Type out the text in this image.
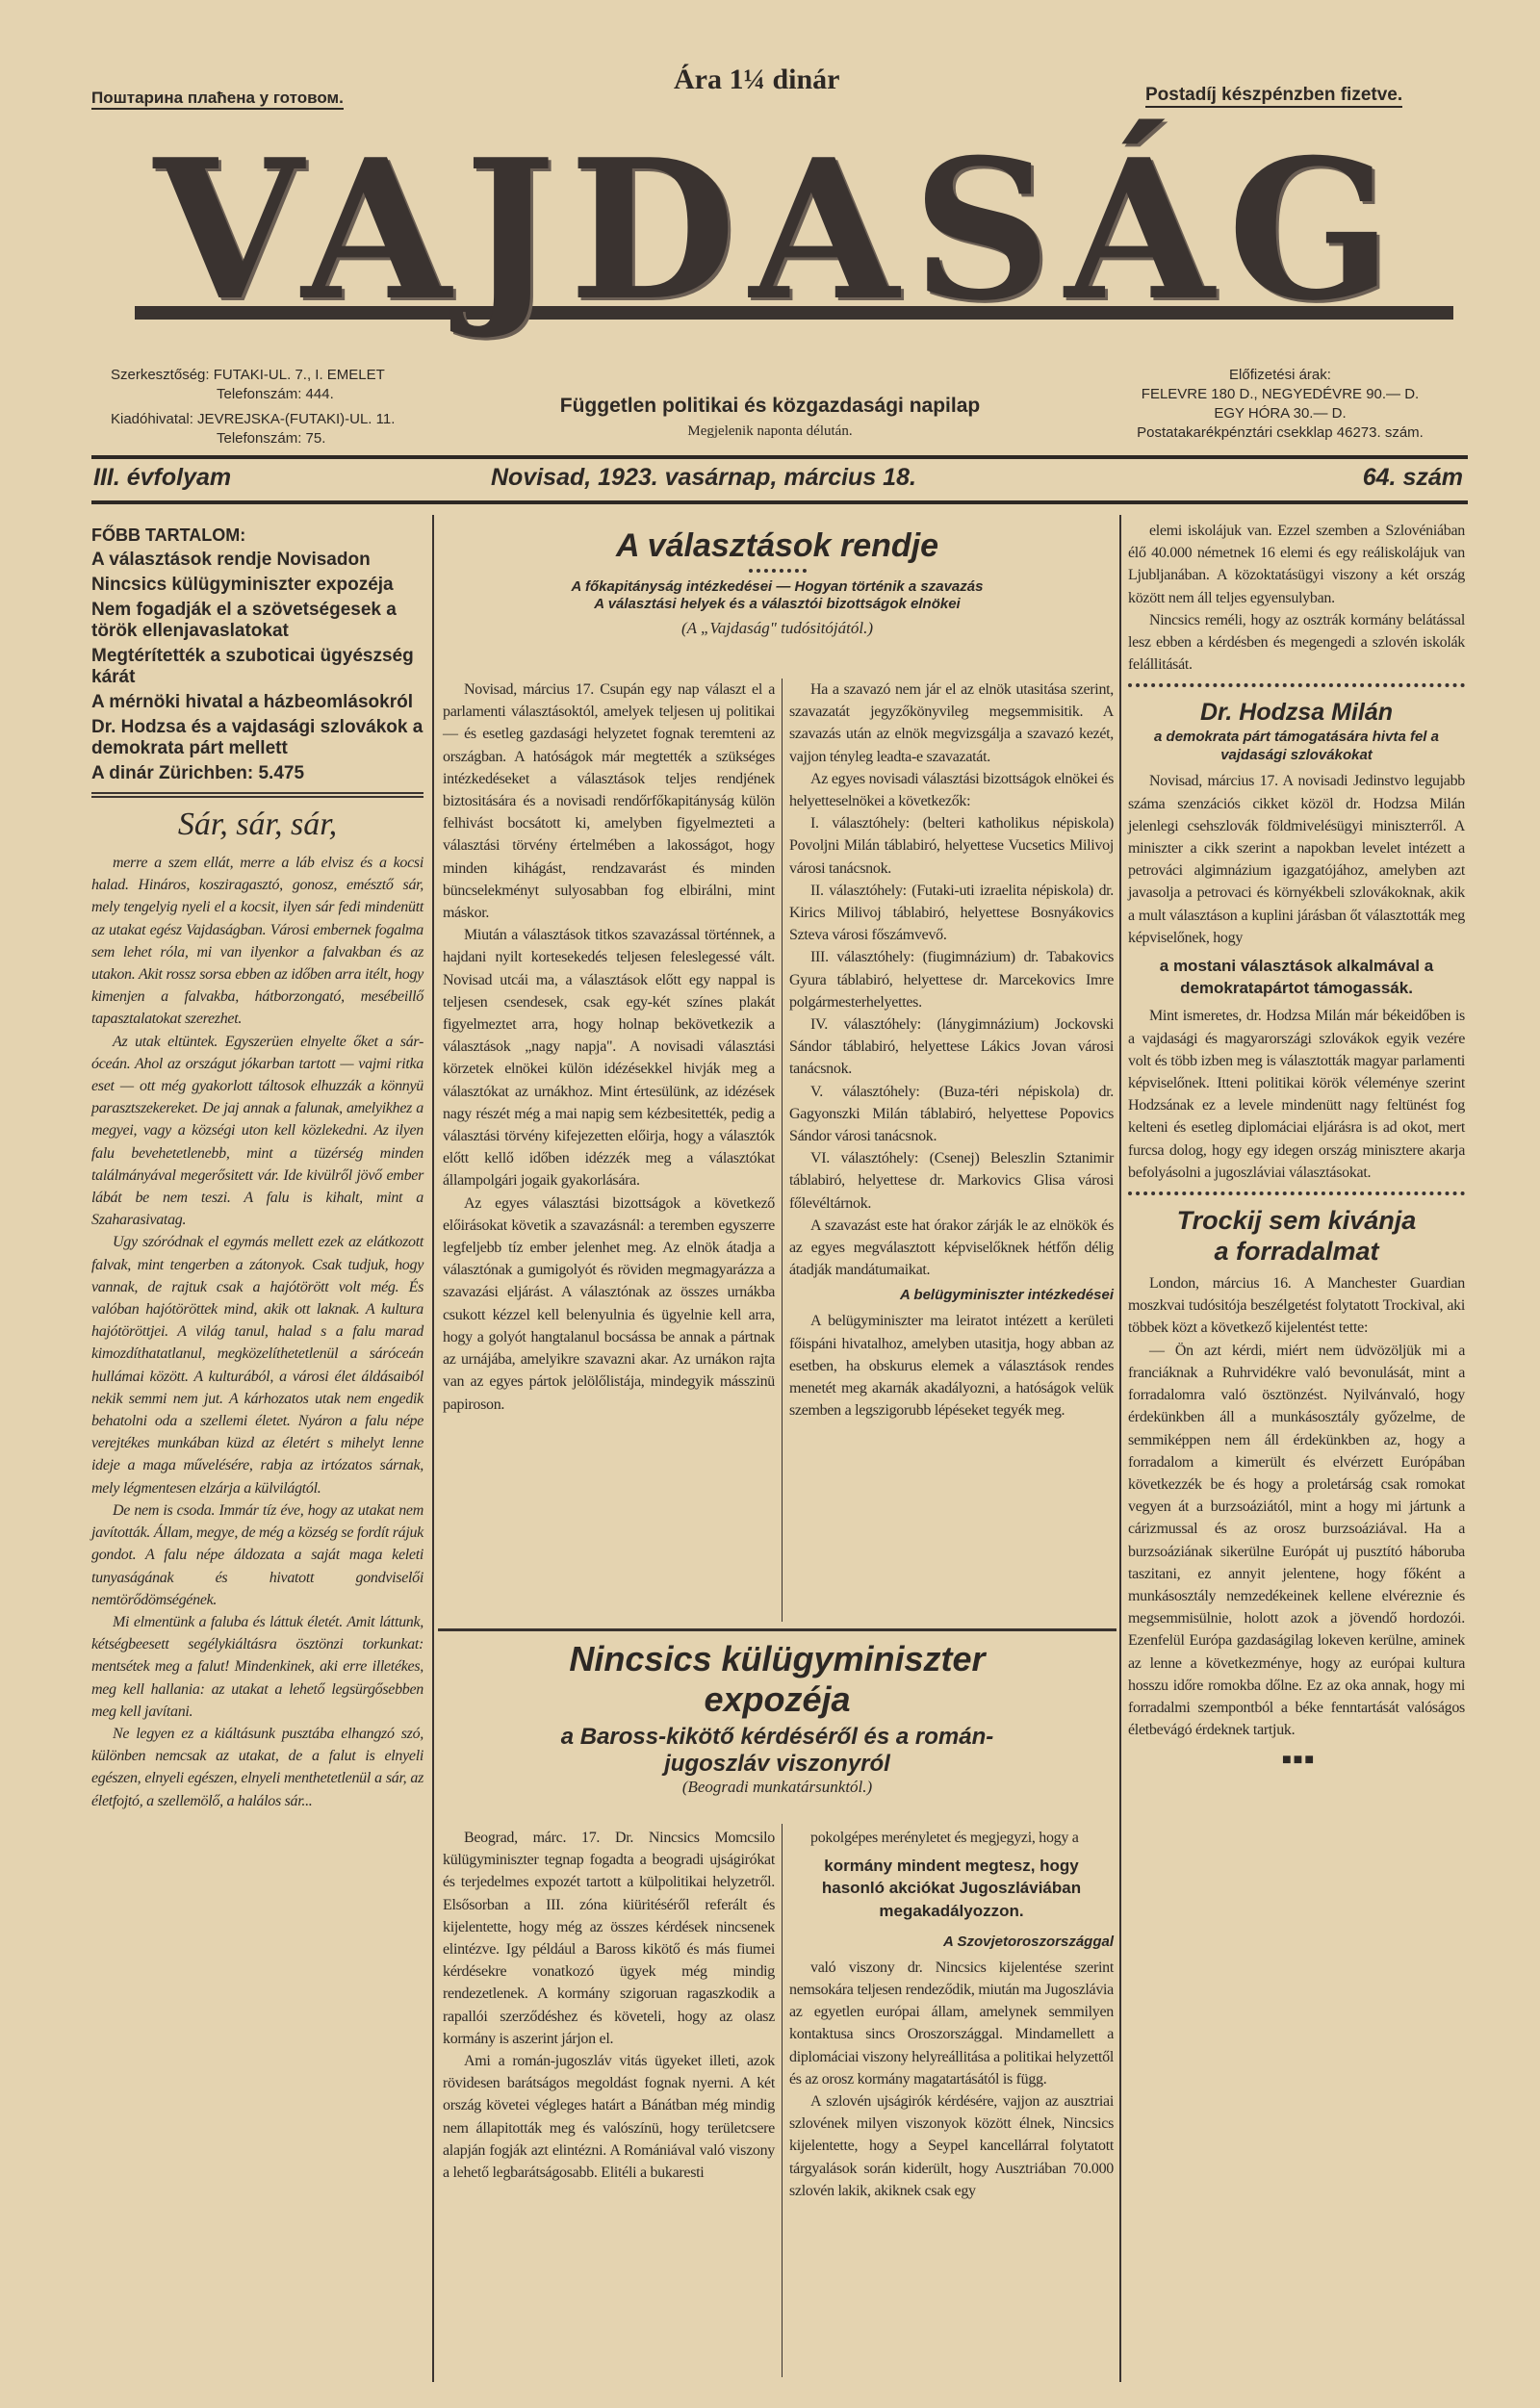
Поштарина плаћена у готовом.
Ára 1¼ dinár	Postadíj készpénzben fizetve.
VAJDASÁG
Szerkesztőség: FUTAKI-UL. 7., I. EMELET
Telefonszám: 444.
Kiadóhivatal: JEVREJSKA-(FUTAKI)-UL. 11.
Telefonszám: 75.
Független politikai és közgazdasági napilap
Megjelenik naponta délután.
Előfizetési árak:
FELEVRE 180 D., NEGYEDÉVRE 90.— D.
EGY HÓRA 30.— D.
Postatakarékpénztári csekklap 46273. szám.
III. évfolyam	Novisad, 1923. vasárnap, március 18.	64. szám
FŐBB TARTALOM:
A választások rendje Novisadon
Nincsics külügyminiszter expozéja
Nem fogadják el a szövetségesek a török ellenjavaslatokat
Megtérítették a szuboticai ügyészség kárát
A mérnöki hivatal a házbeomlásokról
Dr. Hodzsa és a vajdasági szlovákok a demokrata párt mellett
A dinár Zürichben: 5.475
Sár, sár, sár,

merre a szem ellát, merre a láb elvisz és a kocsi halad. Hináros, kosziragasztó, gonosz, emésztő sár, mely tengelyig nyeli el a kocsit, ilyen sár fedi mindenütt az utakat egész Vajdaságban. Városi embernek fogalma sem lehet róla, mi van ilyenkor a falvakban és az utakon. Akit rossz sorsa ebben az időben arra itélt, hogy kimenjen a falvakba, hátborzongató, mesébeillő tapasztalatokat szerezhet.

Az utak eltüntek. Egyszerüen elnyelte őket a sár-óceán. Ahol az országut jókarban tartott — vajmi ritka eset — ott még gyakorlott táltosok elhuzzák a könnyü parasztszekereket. De jaj annak a falunak, amelyikhez a megyei, vagy a községi uton kell közlekedni. Az ilyen falu bevehetetlenebb, mint a tüzérség minden találmányával megerősitett vár. Ide kivülről jövő ember lábát be nem teszi. A falu is kihalt, mint a Szaharasivatag.

Ugy szóródnak el egymás mellett ezek az elátkozott falvak, mint tengerben a zátonyok. Csak tudjuk, hogy vannak, de rajtuk csak a hajótörött volt még. És valóban hajótöröttek mind, akik ott laknak. A kultura hajótöröttjei. A világ tanul, halad s a falu marad kimozdíthatatlanul, megközelíthetetlenül a sáróceán hullámai között. A kulturából, a városi élet áldásaiból nekik semmi nem jut. A kárhozatos utak nem engedik behatolni oda a szellemi életet. Nyáron a falu népe verejtékes munkában küzd az életért s mihelyt lenne ideje a maga művelésére, rabja az irtózatos sárnak, mely légmentesen elzárja a külvilágtól.

De nem is csoda. Immár tíz éve, hogy az utakat nem javították. Állam, megye, de még a község se fordít rájuk gondot. A falu népe áldozata a saját maga keleti tunyaságának és hivatott gondviselői nemtörődömségének.

Mi elmentünk a faluba és láttuk életét. Amit láttunk, kétségbeesett segélykiáltásra ösztönzi torkunkat: mentsétek meg a falut! Mindenkinek, aki erre illetékes, meg kell hallania: az utakat a lehető legsürgősebben meg kell javítani.

Ne legyen ez a kiáltásunk pusztába elhangzó szó, különben nemcsak az utakat, de a falut is elnyeli egészen, elnyeli egészen, elnyeli menthetetlenül a sár, az életfojtó, a szellemölő, a halálos sár...

A választások rendje
A főkapitányság intézkedései — Hogyan történik a szavazás
A választási helyek és a választói bizottságok elnökei
(A „Vajdaság" tudósitójától.)

Novisad, március 17. Csupán egy nap választ el a parlamenti választásoktól, amelyek teljesen uj politikai — és esetleg gazdasági helyzetet fognak teremteni az országban. A hatóságok már megtették a szükséges intézkedéseket a választások teljes rendjének biztositására és a novisadi rendőrfőkapitányság külön felhivást bocsátott ki, amelyben figyelmezteti a választási törvény értelmében a lakosságot, hogy minden kihágást, rendzavarást és minden büncselekményt sulyosabban fog elbirálni, mint máskor.

Miután a választások titkos szavazással történnek, a hajdani nyilt kortesekedés teljesen feleslegessé vált. Novisad utcái ma, a választások előtt egy nappal is teljesen csendesek, csak egy-két színes plakát figyelmeztet arra, hogy holnap bekövetkezik a választások „nagy napja". A novisadi választási körzetek elnökei külön idézésekkel hivják meg a választókat az urnákhoz. Mint értesülünk, az idézések nagy részét még a mai napig sem kézbesitették, pedig a választási törvény kifejezetten előirja, hogy a választók előtt kellő időben idézzék meg a választókat állampolgári jogaik gyakorlására.

Az egyes választási bizottságok a következő előirásokat követik a szavazásnál: a teremben egyszerre legfeljebb tíz ember jelenhet meg. Az elnök átadja a választónak a gumigolyót és röviden megmagyarázza a szavazási eljárást. A választónak az összes urnákba csukott kézzel kell belenyulnia és ügyelnie kell arra, hogy a golyót hangtalanul bocsássa be annak a pártnak az urnájába, amelyikre szavazni akar. Az urnákon rajta van az egyes pártok jelölőlistája, mindegyik másszinü papiroson.

Ha a szavazó nem jár el az elnök utasitása szerint, szavazatát jegyzőkönyvileg megsemmisitik. A szavazás után az elnök megvizsgálja a szavazó kezét, vajjon tényleg leadta-e szavazatát.

Az egyes novisadi választási bizottságok elnökei és helyetteselnökei a következők:

I. választóhely: (belteri katholikus népiskola) Povoljni Milán táblabiró, helyettese Vucsetics Milivoj városi tanácsnok.

II. választóhely: (Futaki-uti izraelita népiskola) dr. Kirics Milivoj táblabiró, helyettese Bosnyákovics Szteva városi főszámvevő.

III. választóhely: (fiugimnázium) dr. Tabakovics Gyura táblabiró, helyettese dr. Marcekovics Imre polgármesterhelyettes.

IV. választóhely: (lánygimnázium) Jockovski Sándor táblabiró, helyettese Lákics Jovan városi tanácsnok.

V. választóhely: (Buza-téri népiskola) dr. Gagyonszki Milán táblabiró, helyettese Popovics Sándor városi tanácsnok.

VI. választóhely: (Csenej) Beleszlin Sztanimir táblabiró, helyettese dr. Markovics Glisa városi főlevéltárnok.

A szavazást este hat órakor zárják le az elnökök és az egyes megválasztott képviselőknek hétfőn délig átadják mandátumaikat.

A belügyminiszter intézkedései

A belügyminiszter ma leiratot intézett a kerületi főispáni hivatalhoz, amelyben utasitja, hogy abban az esetben, ha obskurus elemek a választások rendes menetét meg akarnák akadályozni, a hatóságok velük szemben a legszigorubb lépéseket tegyék meg.

Nincsics külügyminiszter
expozéja
a Baross-kikötő kérdéséről és a román-
jugoszláv viszonyról
(Beogradi munkatársunktól.)

Beograd, márc. 17. Dr. Nincsics Momcsilo külügyminiszter tegnap fogadta a beogradi ujságirókat és terjedelmes expozét tartott a külpolitikai helyzetről. Elsősorban a III. zóna kiüritéséről referált és kijelentette, hogy még az összes kérdések nincsenek elintézve. Igy például a Baross kikötő és más fiumei kérdésekre vonatkozó ügyek még mindig rendezetlenek. A kormány szigoruan ragaszkodik a rapallói szerződéshez és követeli, hogy az olasz kormány is aszerint járjon el.

Ami a román-jugoszláv vitás ügyeket illeti, azok rövidesen barátságos megoldást fognak nyerni. A két ország követei végleges határt a Bánátban még mindig nem állapitották meg és valószínü, hogy területcsere alapján fogják azt elintézni. A Romániával való viszony a lehető legbarátságosabb. Elitéli a bukaresti

pokolgépes merényletet és megjegyzi, hogy a

kormány mindent megtesz, hogy hasonló akciókat Jugoszláviában megakadályozzon.

A Szovjetoroszországgal

való viszony dr. Nincsics kijelentése szerint nemsokára teljesen rendeződik, miután ma Jugoszlávia az egyetlen európai állam, amelynek semmilyen kontaktusa sincs Oroszországgal. Mindamellett a diplomáciai viszony helyreállitása a politikai helyzettől és az orosz kormány magatartásától is függ.

A szlovén ujságirók kérdésére, vajjon az ausztriai szlovének milyen viszonyok között élnek, Nincsics kijelentette, hogy a Seypel kancellárral folytatott tárgyalások során kiderült, hogy Ausztriában 70.000 szlovén lakik, akiknek csak egy

elemi iskolájuk van. Ezzel szemben a Szlovéniában élő 40.000 németnek 16 elemi és egy reáliskolájuk van Ljubljanában. A közoktatásügyi viszony a két ország között nem áll teljes egyensulyban.

Nincsics reméli, hogy az osztrák kormány belátással lesz ebben a kérdésben és megengedi a szlovén iskolák felállitását.

Dr. Hodzsa Milán
a demokrata párt támogatására hivta fel a vajdasági szlovákokat

Novisad, március 17. A novisadi Jedinstvo legujabb száma szenzációs cikket közöl dr. Hodzsa Milán jelenlegi csehszlovák földmivelésügyi miniszterről. A miniszter a cikk szerint a napokban levelet intézett a petrováci algimnázium igazgatójához, amelyben azt javasolja a petrovaci és környékbeli szlovákoknak, akik a mult választáson a kuplini járásban őt választották meg képviselőnek, hogy

a mostani választások alkalmával a demokratapártot támogassák.

Mint ismeretes, dr. Hodzsa Milán már békeidőben is a vajdasági és magyarországi szlovákok egyik vezére volt és több izben meg is választották magyar parlamenti képviselőnek. Itteni politikai körök véleménye szerint Hodzsának ez a levele mindenütt nagy feltünést fog kelteni és esetleg diplomáciai eljárásra is ad okot, mert furcsa dolog, hogy egy idegen ország minisztere akarja befolyásolni a jugoszláviai választásokat.

Trockij sem kivánja
a forradalmat

London, március 16. A Manchester Guardian moszkvai tudósitója beszélgetést folytatott Trockival, aki többek közt a következő kijelentést tette:

— Ön azt kérdi, miért nem üdvözöljük mi a franciáknak a Ruhrvidékre való bevonulását, mint a forradalomra való ösztönzést. Nyilvánvaló, hogy érdekünkben áll a munkásosztály győzelme, de semmiképpen nem áll érdekünkben az, hogy a forradalom a kimerült és elvérzett Európában következzék be és hogy a proletárság csak romokat vegyen át a burzsoáziától, mint a hogy mi jártunk a cárizmussal és az orosz burzsoáziával. Ha a burzsoáziának sikerülne Európát uj pusztító háboruba taszitani, ez annyit jelentene, hogy főként a munkásosztály nemzedékeinek kellene elvéreznie és megsemmisülnie, holott azok a jövendő hordozói. Ezenfelül Európa gazdaságilag lokeven kerülne, aminek az lenne a következménye, hogy az európai kultura hosszu időre romokba dőlne. Ez az oka annak, hogy mi forradalmi szempontból a béke fenntartását valóságos életbevágó érdeknek tartjuk.

■■■
